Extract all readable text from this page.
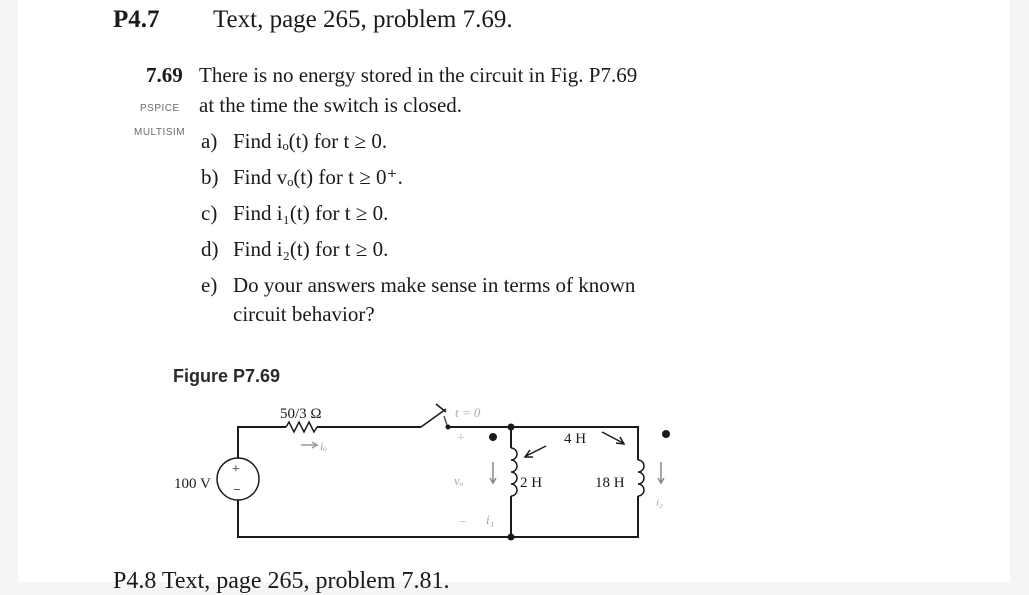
P4.7 Text, page 265, problem 7.69.
7.69 There is no energy stored in the circuit in Fig. P7.69
PSPICE at the time the switch is closed.
MULTISIM a) Find iₒ(t) for t ≥ 0.
b) Find vₒ(t) for t ≥ 0⁺.
c) Find i₁(t) for t ≥ 0.
d) Find i₂(t) for t ≥ 0.
e) Do your answers make sense in terms of known
circuit behavior?
Figure P7.69
50/3 Ω
iₒ
t = 0
100 V
+
−
+
vₒ
− i₁
2 H	18 H
4 H
i₂
P4.8 Text, page 265, problem 7.81.
